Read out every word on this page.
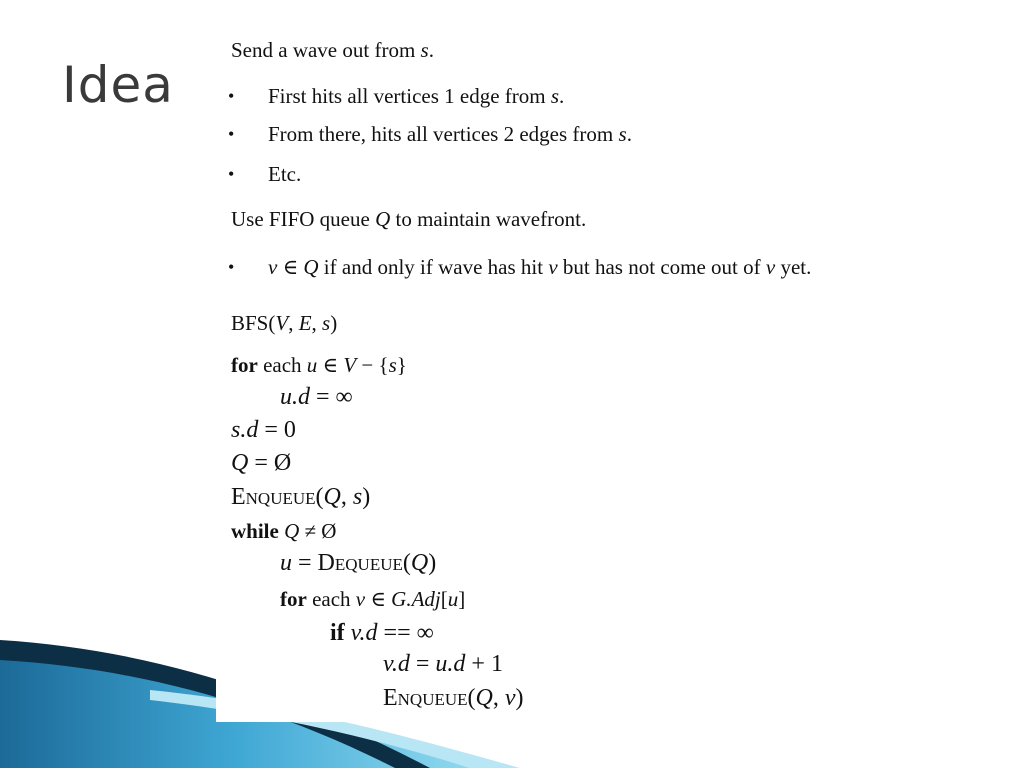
Idea
Send a wave out from s.
• First hits all vertices 1 edge from s.
• From there, hits all vertices 2 edges from s.
• Etc.
Use FIFO queue Q to maintain wavefront.
• v ∈ Q if and only if wave has hit v but has not come out of v yet.
BFS(V, E, s)
for each u ∈ V − {s}
u.d = ∞
s.d = 0
Q = Ø
Enqueue(Q, s)
while Q ≠ Ø
u = Dequeue(Q)
for each v ∈ G.Adj[u]
if v.d == ∞
v.d = u.d + 1
Enqueue(Q, v)
